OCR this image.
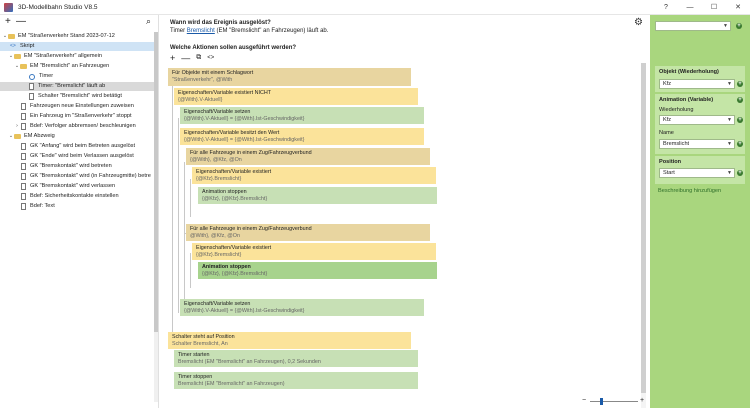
3D-Modellbahn Studio V8.5	?	—	☐	✕
+ —	⌕
⌄ EM "Straßenverkehr Stand 2023-07-12
<> Skript
⌄ EM "Straßenverkehr" allgemein
⌄ EM "Bremslicht" an Fahrzeugen
Timer
Timer: "Bremslicht" läuft ab
Schalter "Bremslicht" wird betätigt
Fahrzeugen neue Einstellungen zuweisen
Ein Fahrzeug im "Straßenverkehr" stoppt
›	Bdef: Verfolger abbremsen/ beschleunigen
⌄ EM Abzweig
GK "Anfang" wird beim Betreten ausgelöst
GK "Ende" wird beim Verlassen ausgelöst
GK "Bremskontakt" wird betreten
GK "Bremskontakt" wird (in Fahrzeugmitte) betre
GK "Bremskontakt" wird verlassen
Bdef: Sicherheitskontakte einstellen
Bdef: Text
Wann wird das Ereignis ausgelöst?
Timer Bremslicht (EM "Bremslicht" an Fahrzeugen) läuft ab.
⚙
Welche Aktionen sollen ausgeführt werden?
+ — ⧉ <>
Für Objekte mit einem Schlagwort
"Straßenverkehr", @With
Eigenschaften/Variable existiert NICHT
{@With}.V-Aktuell}
Eigenschaft/Variable setzen
{@With}.V-Aktuell} = {@With}.Ist-Geschwindigkeit}
Eigenschaften/Variable besitzt den Wert
{@With}.V-Aktuell} = {@With}.Ist-Geschwindigkeit}
Für alle Fahrzeuge in einem Zug/Fahrzeugverbund
{@With}, @Kfz, @On
Eigenschaften/Variable existiert
{@Kfz}.Bremslicht}
Animation stoppen
{@Kfz}, {@Kfz}.Bremslicht}
Für alle Fahrzeuge in einem Zug/Fahrzeugverbund
@With}, @Kfz, @On
Eigenschaften/Variable existiert
{@Kfz}.Bremslicht}
Animation stoppen
{@Kfz}, {@Kfz}.Bremslicht}
Eigenschaft/Variable setzen
{@With}.V-Aktuell} = {@With}.Ist-Geschwindigkeit}
Schalter steht auf Position
Schalter Bremslicht, An
Timer starten
Bremslicht (EM "Bremslicht" an Fahrzeugen), 0,2 Sekunden
Timer stoppen
Bremslicht (EM "Bremslicht" an Fahrzeugen)
▼ +
Objekt (Wiederholung)
Kfz	▼ +
Animation (Variable)	+
Wiederholung
Kfz	▼ +
Name
Bremslicht	▼ +
Position
Start	▼ +
Beschreibung hinzufügen
−	+
